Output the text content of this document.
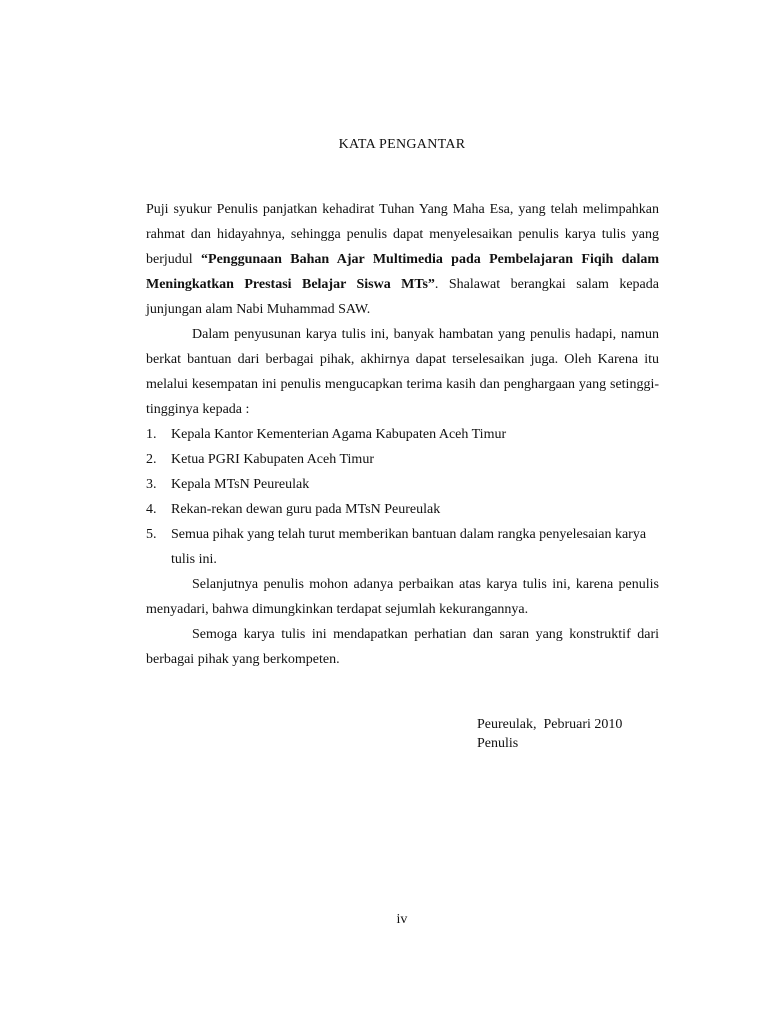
KATA PENGANTAR

Puji syukur Penulis panjatkan kehadirat Tuhan Yang Maha Esa, yang telah melimpahkan rahmat dan hidayahnya, sehingga penulis dapat menyelesaikan penulis karya tulis yang berjudul “Penggunaan Bahan Ajar Multimedia pada Pembelajaran Fiqih dalam Meningkatkan Prestasi Belajar Siswa MTs”. Shalawat berangkai salam kepada junjungan alam Nabi Muhammad SAW.

Dalam penyusunan karya tulis ini, banyak hambatan yang penulis hadapi, namun berkat bantuan dari berbagai pihak, akhirnya dapat terselesaikan juga. Oleh Karena itu melalui kesempatan ini penulis mengucapkan terima kasih dan penghargaan yang setinggi-tingginya kepada :

1. Kepala Kantor Kementerian Agama Kabupaten Aceh Timur
2. Ketua PGRI Kabupaten Aceh Timur
3. Kepala MTsN Peureulak
4. Rekan-rekan dewan guru pada MTsN Peureulak
5. Semua pihak yang telah turut memberikan bantuan dalam rangka penyelesaian karya tulis ini.

Selanjutnya penulis mohon adanya perbaikan atas karya tulis ini, karena penulis menyadari, bahwa dimungkinkan terdapat sejumlah kekurangannya.

Semoga karya tulis ini mendapatkan perhatian dan saran yang konstruktif dari berbagai pihak yang berkompeten.

Peureulak,  Pebruari 2010
Penulis
iv
